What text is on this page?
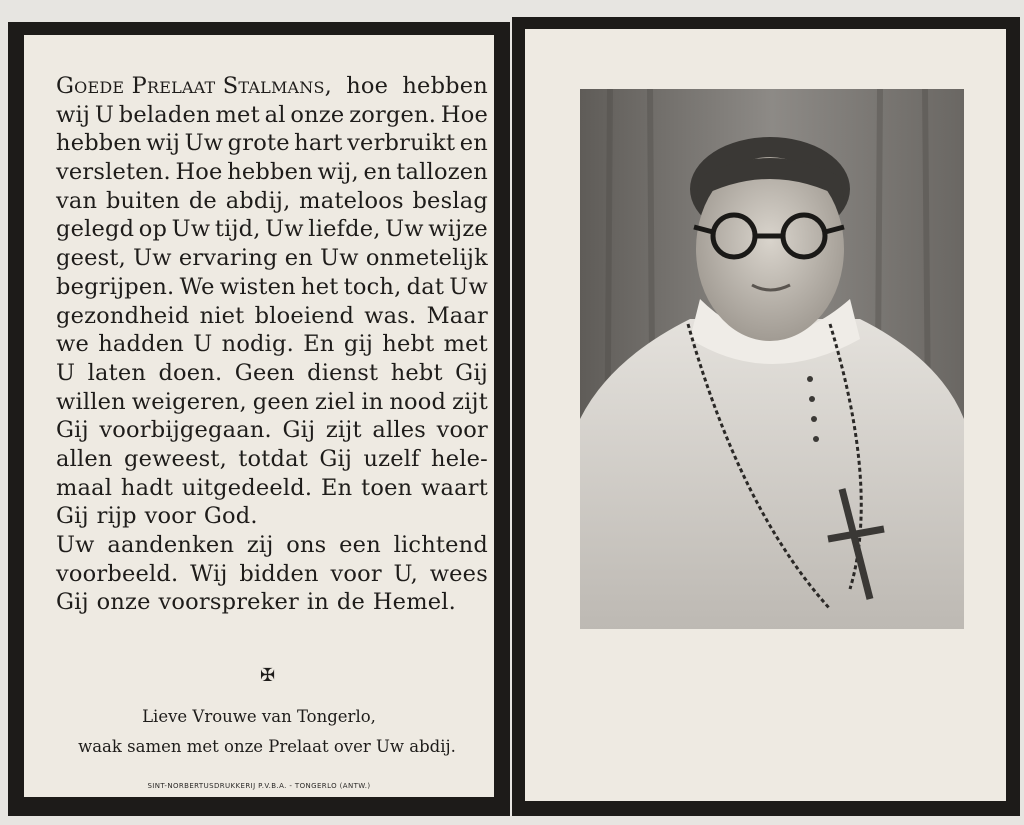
Goede Prelaat Stalmans, hoe hebben
wij U beladen met al onze zorgen. Hoe
hebben wij Uw grote hart verbruikt en
versleten. Hoe hebben wij, en tallozen
van buiten de abdij, mateloos beslag
gelegd op Uw tijd, Uw liefde, Uw wijze
geest, Uw ervaring en Uw onmetelijk
begrijpen. We wisten het toch, dat Uw
gezondheid niet bloeiend was. Maar
we hadden U nodig. En gij hebt met
U laten doen. Geen dienst hebt Gij
willen weigeren, geen ziel in nood zijt
Gij voorbijgegaan. Gij zijt alles voor
allen geweest, totdat Gij uzelf hele-
maal hadt uitgedeeld. En toen waart
Gij rijp voor God.
Uw aandenken zij ons een lichtend
voorbeeld. Wij bidden voor U, wees
Gij onze voorspreker in de Hemel.
✠
Lieve Vrouwe van Tongerlo,
waak samen met onze Prelaat over Uw abdij.
SINT-NORBERTUSDRUKKERIJ P.V.B.A. - TONGERLO (ANTW.)
